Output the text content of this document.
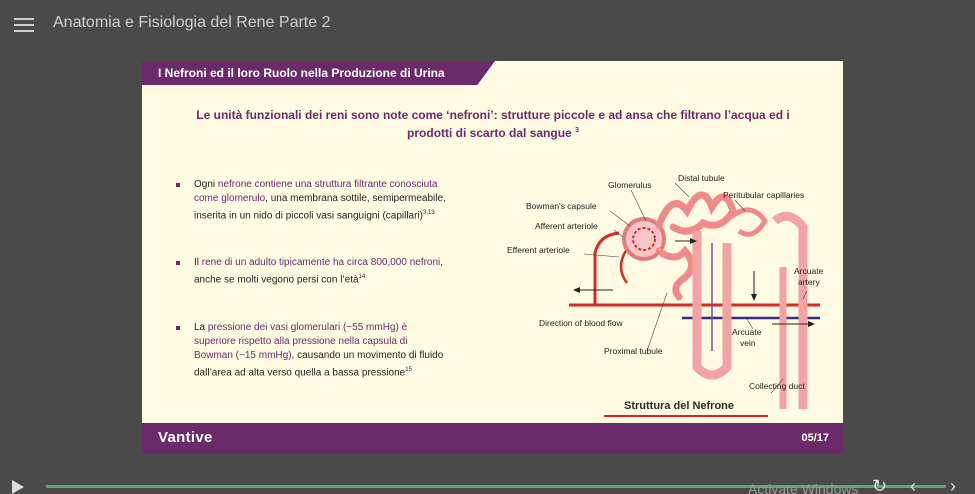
Anatomia e Fisiologia del Rene Parte 2
I Nefroni ed il loro Ruolo nella Produzione di Urina
Le unità funzionali dei reni sono note come ‘nefroni’: strutture piccole e ad ansa che filtrano l’acqua ed i prodotti di scarto dal sangue $^3$
Ogni nefrone contiene una struttura filtrante conosciuta
come glomerulo, una membrana sottile, semipermeabile,
inserita in un nido di piccoli vasi sanguigni (capillari)$^{3,13}$
Il rene di un adulto tipicamente ha circa 800,000 nefroni,
anche se molti vegono persi con l’età$^{14}$
La pressione dei vasi glomerulari (~55 mmHg) è
superiore rispetto alla pressione nella capsula di
Bowman (~15 mmHg), causando un movimento di fluido
dall’area ad alta verso quella a bassa pressione$^{15}$
Glomerulus
Distal tubule
Bowman's capsule
Peritubular capillaries
Afferent arteriole
Efferent arteriole
Arcuate
artery
Direction of blood flow
Arcuate
vein
Proximal tubule
Collecting duct
Struttura del Nefrone
Vantive	05/17
Activate Windows ↻ ‹ ›
